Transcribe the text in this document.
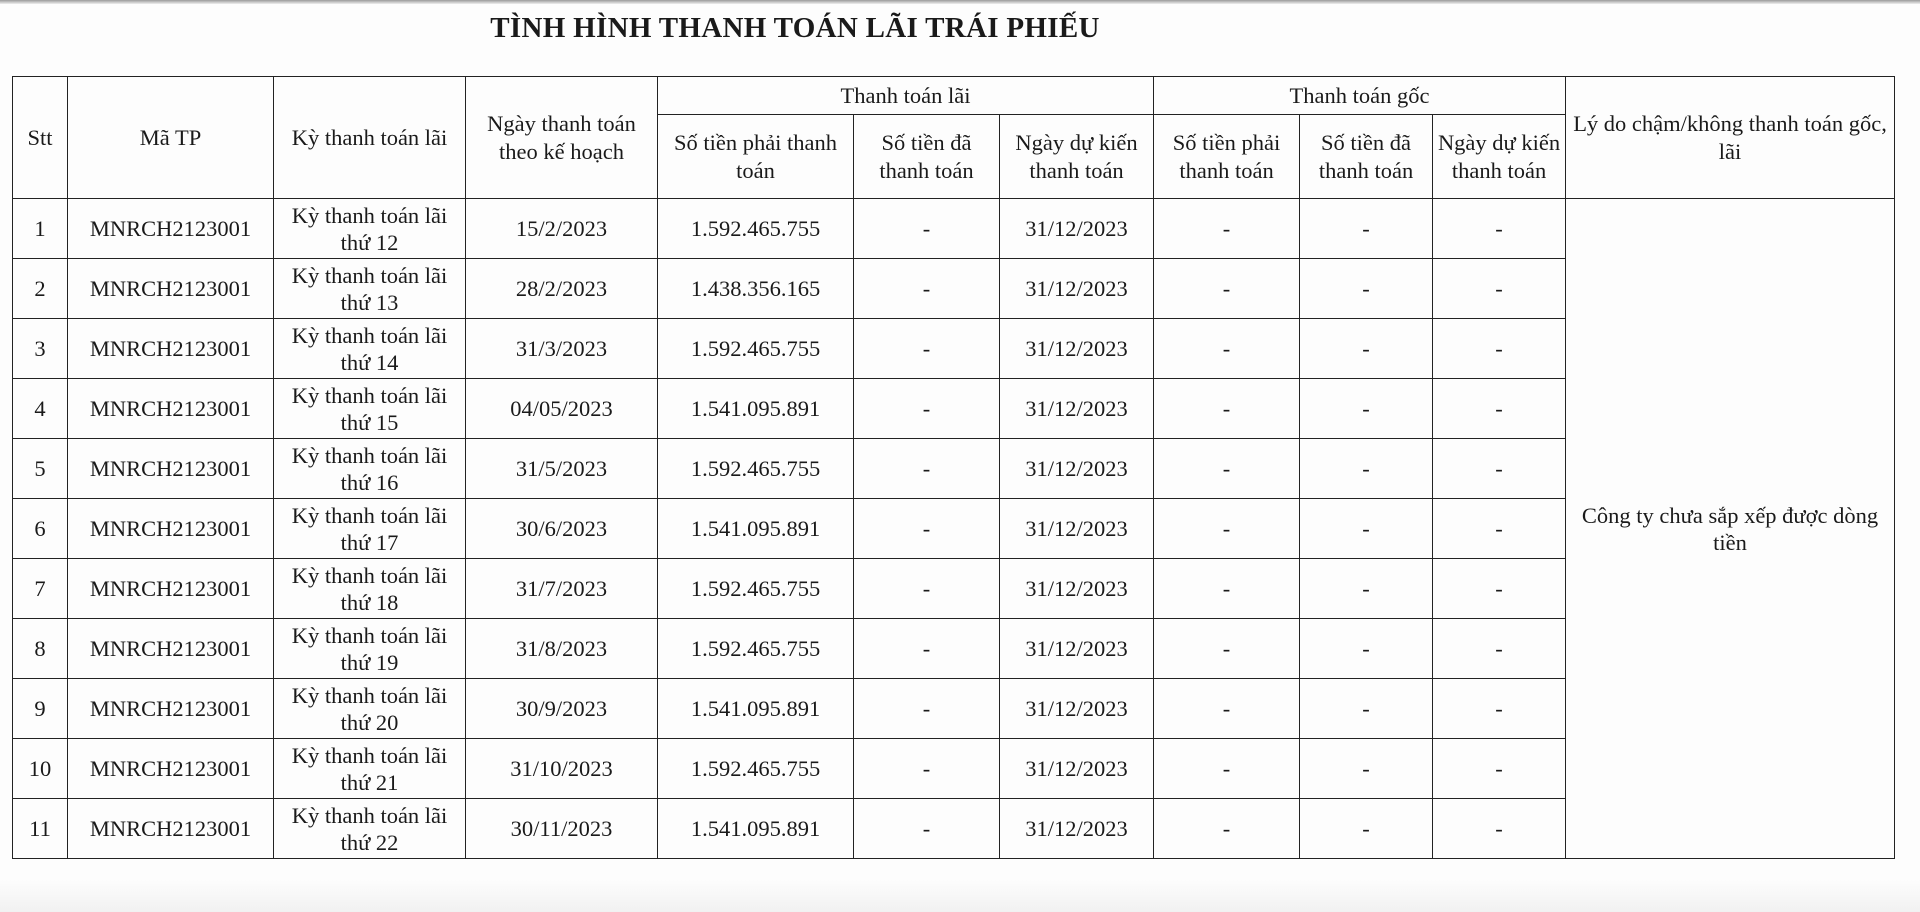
TÌNH HÌNH THANH TOÁN LÃI TRÁI PHIẾU
Stt	Mã TP	Kỳ thanh toán lãi	Ngày thanh toán theo kế hoạch	Thanh toán lãi			Thanh toán gốc			Lý do chậm/không thanh toán gốc, lãi
				Số tiền phải thanh toán	Số tiền đã thanh toán	Ngày dự kiến thanh toán	Số tiền phải thanh toán	Số tiền đã thanh toán	Ngày dự kiến thanh toán	
1	MNRCH2123001	Kỳ thanh toán lãi thứ 12	15/2/2023	1.592.465.755	-	31/12/2023	-	-	-	Công ty chưa sắp xếp được dòng tiền
2	MNRCH2123001	Kỳ thanh toán lãi thứ 13	28/2/2023	1.438.356.165	-	31/12/2023	-	-	-	
3	MNRCH2123001	Kỳ thanh toán lãi thứ 14	31/3/2023	1.592.465.755	-	31/12/2023	-	-	-	
4	MNRCH2123001	Kỳ thanh toán lãi thứ 15	04/05/2023	1.541.095.891	-	31/12/2023	-	-	-	
5	MNRCH2123001	Kỳ thanh toán lãi thứ 16	31/5/2023	1.592.465.755	-	31/12/2023	-	-	-	
6	MNRCH2123001	Kỳ thanh toán lãi thứ 17	30/6/2023	1.541.095.891	-	31/12/2023	-	-	-	
7	MNRCH2123001	Kỳ thanh toán lãi thứ 18	31/7/2023	1.592.465.755	-	31/12/2023	-	-	-	
8	MNRCH2123001	Kỳ thanh toán lãi thứ 19	31/8/2023	1.592.465.755	-	31/12/2023	-	-	-	
9	MNRCH2123001	Kỳ thanh toán lãi thứ 20	30/9/2023	1.541.095.891	-	31/12/2023	-	-	-	
10	MNRCH2123001	Kỳ thanh toán lãi thứ 21	31/10/2023	1.592.465.755	-	31/12/2023	-	-	-	
11	MNRCH2123001	Kỳ thanh toán lãi thứ 22	30/11/2023	1.541.095.891	-	31/12/2023	-	-	-	
